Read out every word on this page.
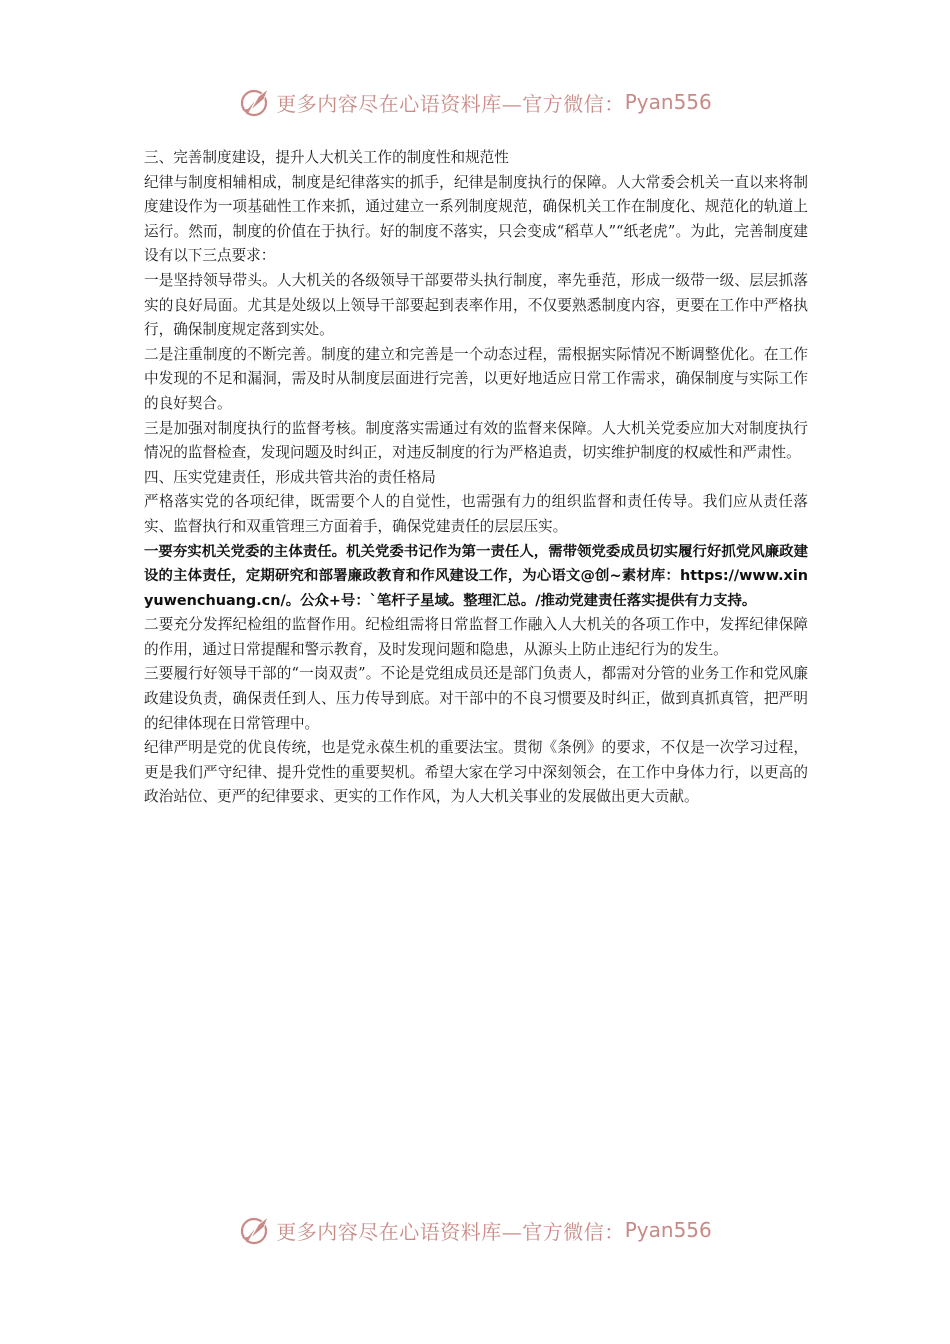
更多内容尽在心语资料库—官方微信： Pyan556

三、完善制度建设，提升人大机关工作的制度性和规范性

纪律与制度相辅相成，制度是纪律落实的抓手，纪律是制度执行的保障。人大常委会机关一直以来将制度建设作为一项基础性工作来抓，通过建立一系列制度规范，确保机关工作在制度化、规范化的轨道上运行。然而，制度的价值在于执行。好的制度不落实，只会变成“稻草人”“纸老虎”。为此，完善制度建设有以下三点要求：

一是坚持领导带头。人大机关的各级领导干部要带头执行制度，率先垂范，形成一级带一级、层层抓落实的良好局面。尤其是处级以上领导干部要起到表率作用，不仅要熟悉制度内容，更要在工作中严格执行，确保制度规定落到实处。

二是注重制度的不断完善。制度的建立和完善是一个动态过程，需根据实际情况不断调整优化。在工作中发现的不足和漏洞，需及时从制度层面进行完善，以更好地适应日常工作需求，确保制度与实际工作的良好契合。

三是加强对制度执行的监督考核。制度落实需通过有效的监督来保障。人大机关党委应加大对制度执行情况的监督检查，发现问题及时纠正，对违反制度的行为严格追责，切实维护制度的权威性和严肃性。

四、压实党建责任，形成共管共治的责任格局

严格落实党的各项纪律，既需要个人的自觉性，也需强有力的组织监督和责任传导。我们应从责任落实、监督执行和双重管理三方面着手，确保党建责任的层层压实。

一要夯实机关党委的主体责任。机关党委书记作为第一责任人，需带领党委成员切实履行好抓党风廉政建设的主体责任，定期研究和部署廉政教育和作风建设工作，为心语文@创~素材库：https://www.xinyuwenchuang.cn/。公众+号：`笔杆子星域。整理汇总。/推动党建责任落实提供有力支持。

二要充分发挥纪检组的监督作用。纪检组需将日常监督工作融入人大机关的各项工作中，发挥纪律保障的作用，通过日常提醒和警示教育，及时发现问题和隐患，从源头上防止违纪行为的发生。

三要履行好领导干部的“一岗双责”。不论是党组成员还是部门负责人，都需对分管的业务工作和党风廉政建设负责，确保责任到人、压力传导到底。对干部中的不良习惯要及时纠正，做到真抓真管，把严明的纪律体现在日常管理中。

纪律严明是党的优良传统，也是党永葆生机的重要法宝。贯彻《条例》的要求，不仅是一次学习过程，更是我们严守纪律、提升党性的重要契机。希望大家在学习中深刻领会，在工作中身体力行，以更高的政治站位、更严的纪律要求、更实的工作作风，为人大机关事业的发展做出更大贡献。

更多内容尽在心语资料库—官方微信： Pyan556
